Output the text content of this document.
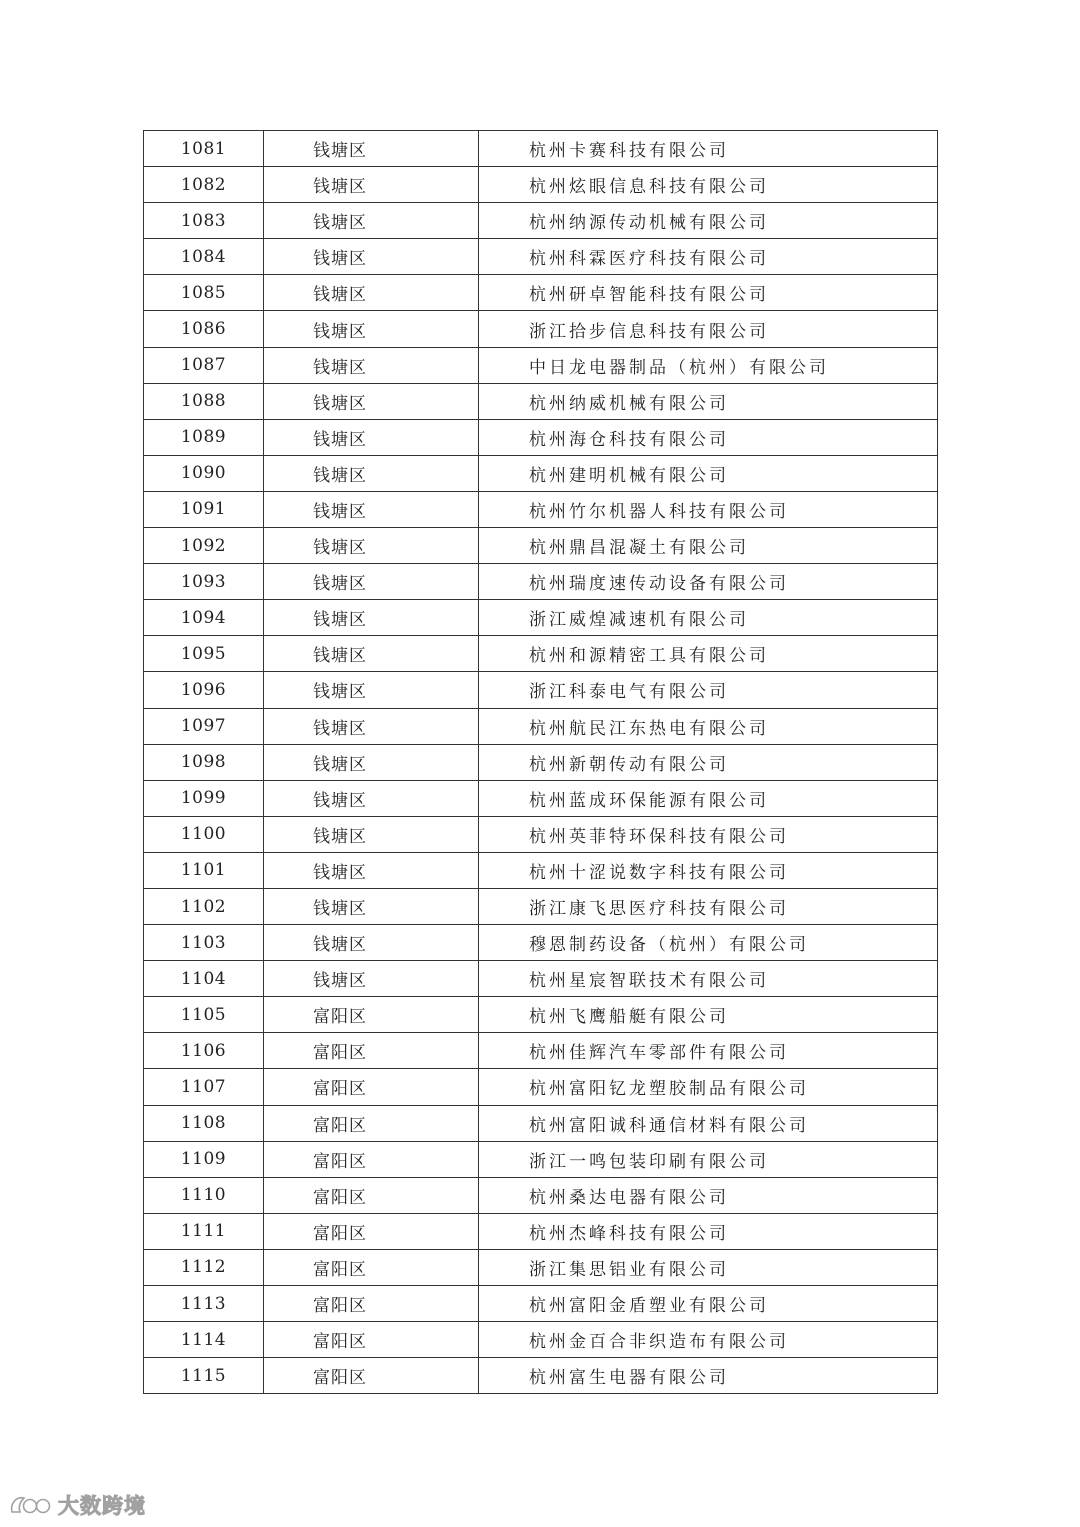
1081	钱塘区	杭州卡赛科技有限公司
1082	钱塘区	杭州炫眼信息科技有限公司
1083	钱塘区	杭州纳源传动机械有限公司
1084	钱塘区	杭州科霖医疗科技有限公司
1085	钱塘区	杭州研卓智能科技有限公司
1086	钱塘区	浙江拾步信息科技有限公司
1087	钱塘区	中日龙电器制品（杭州）有限公司
1088	钱塘区	杭州纳威机械有限公司
1089	钱塘区	杭州海仓科技有限公司
1090	钱塘区	杭州建明机械有限公司
1091	钱塘区	杭州竹尔机器人科技有限公司
1092	钱塘区	杭州鼎昌混凝土有限公司
1093	钱塘区	杭州瑞度速传动设备有限公司
1094	钱塘区	浙江威煌减速机有限公司
1095	钱塘区	杭州和源精密工具有限公司
1096	钱塘区	浙江科泰电气有限公司
1097	钱塘区	杭州航民江东热电有限公司
1098	钱塘区	杭州新朝传动有限公司
1099	钱塘区	杭州蓝成环保能源有限公司
1100	钱塘区	杭州英菲特环保科技有限公司
1101	钱塘区	杭州十涩说数字科技有限公司
1102	钱塘区	浙江康飞思医疗科技有限公司
1103	钱塘区	穆恩制药设备（杭州）有限公司
1104	钱塘区	杭州星宸智联技术有限公司
1105	富阳区	杭州飞鹰船艇有限公司
1106	富阳区	杭州佳辉汽车零部件有限公司
1107	富阳区	杭州富阳钇龙塑胶制品有限公司
1108	富阳区	杭州富阳诚科通信材料有限公司
1109	富阳区	浙江一鸣包装印刷有限公司
1110	富阳区	杭州桑达电器有限公司
1111	富阳区	杭州杰峰科技有限公司
1112	富阳区	浙江集思铝业有限公司
1113	富阳区	杭州富阳金盾塑业有限公司
1114	富阳区	杭州金百合非织造布有限公司
1115	富阳区	杭州富生电器有限公司
大数跨境
